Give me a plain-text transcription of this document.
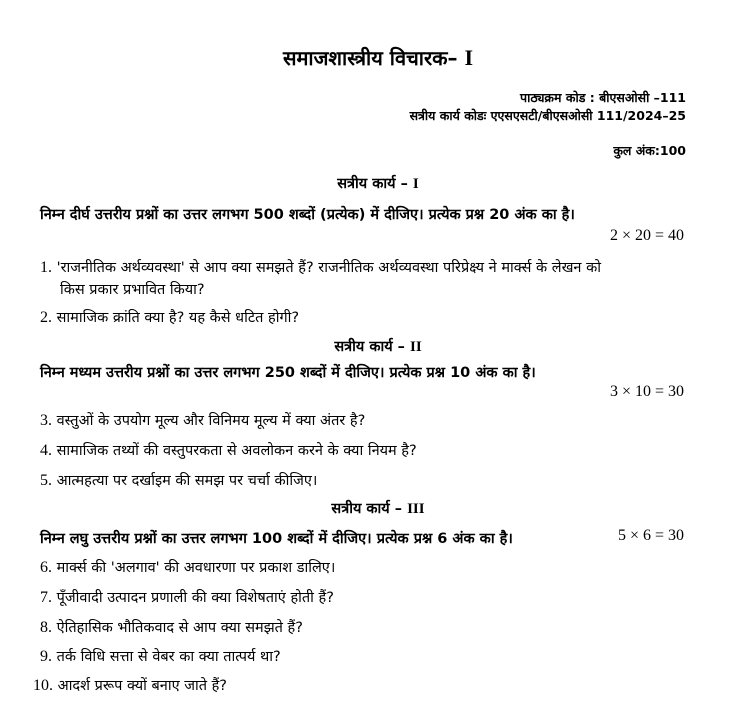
समाजशास्त्रीय विचारक– I
पाठ्यक्रम कोड : बीएसओसी –111
सत्रीय कार्य कोडः एएसएसटी/बीएसओसी 111/2024–25
कुल अंक:100
सत्रीय कार्य – I
निम्न दीर्घ उत्तरीय प्रश्नों का उत्तर लगभग 500 शब्दों (प्रत्येक) में दीजिए। प्रत्येक प्रश्न 20 अंक का है।
2 × 20 = 40
1. 'राजनीतिक अर्थव्यवस्था' से आप क्या समझते हैं? राजनीतिक अर्थव्यवस्था परिप्रेक्ष्य ने मार्क्स के लेखन को
किस प्रकार प्रभावित किया?
2. सामाजिक क्रांति क्या है? यह कैसे धटित होगी?
सत्रीय कार्य – II
निम्न मध्यम उत्तरीय प्रश्नों का उत्तर लगभग 250 शब्दों में दीजिए। प्रत्येक प्रश्न 10 अंक का है।
3 × 10 = 30
3. वस्तुओं के उपयोग मूल्य और विनिमय मूल्य में क्या अंतर है?
4. सामाजिक तथ्यों की वस्तुपरकता से अवलोकन करने के क्या नियम है?
5. आत्महत्या पर दर्खाइम की समझ पर चर्चा कीजिए।
सत्रीय कार्य – III
निम्न लघु उत्तरीय प्रश्नों का उत्तर लगभग 100 शब्दों में दीजिए। प्रत्येक प्रश्न 6 अंक का है।	5 × 6 = 30
6. मार्क्स की 'अलगाव' की अवधारणा पर प्रकाश डालिए।
7. पूँजीवादी उत्पादन प्रणाली की क्या विशेषताएं होती हैं?
8. ऐतिहासिक भौतिकवाद से आप क्या समझते हैं?
9. तर्क विधि सत्ता से वेबर का क्या तात्पर्य था?
10. आदर्श प्ररूप क्यों बनाए जाते हैं?
